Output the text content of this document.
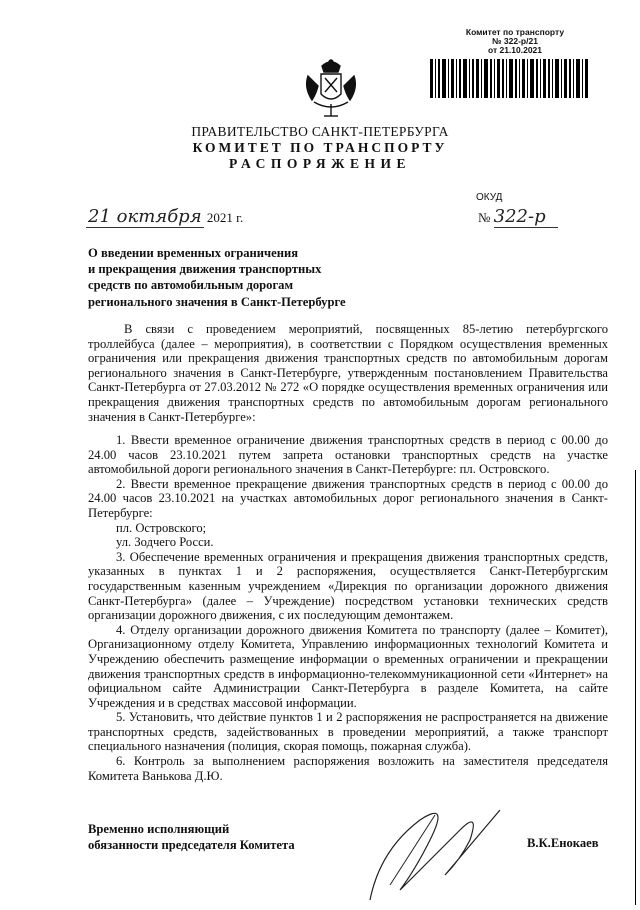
Комитет по транспорту
№ 322-р/21
от 21.10.2021
ПРАВИТЕЛЬСТВО САНКТ-ПЕТЕРБУРГА
КОМИТЕТ ПО ТРАНСПОРТУ
РАСПОРЯЖЕНИЕ
ОКУД
21 октября 2021 г.	№ 322-р
О введении временных ограничения
и прекращения движения транспортных
средств по автомобильным дорогам
регионального значения в Санкт-Петербурге

В связи с проведением мероприятий, посвященных 85-летию петербургского троллейбуса (далее – мероприятия), в соответствии с Порядком осуществления временных ограничения или прекращения движения транспортных средств по автомобильным дорогам регионального значения в Санкт-Петербурге, утвержденным постановлением Правительства Санкт-Петербурга от 27.03.2012 № 272 «О порядке осуществления временных ограничения или прекращения движения транспортных средств по автомобильным дорогам регионального значения в Санкт-Петербурге»:

1. Ввести временное ограничение движения транспортных средств в период с 00.00 до 24.00 часов 23.10.2021 путем запрета остановки транспортных средств на участке автомобильной дороги регионального значения в Санкт-Петербурге: пл. Островского.

2. Ввести временное прекращение движения транспортных средств в период с 00.00 до 24.00 часов 23.10.2021 на участках автомобильных дорог регионального значения в Санкт-Петербурге:

пл. Островского;

ул. Зодчего Росси.

3. Обеспечение временных ограничения и прекращения движения транспортных средств, указанных в пунктах 1 и 2 распоряжения, осуществляется Санкт-Петербургским государственным казенным учреждением «Дирекция по организации дорожного движения Санкт-Петербурга» (далее – Учреждение) посредством установки технических средств организации дорожного движения, с их последующим демонтажем.

4. Отделу организации дорожного движения Комитета по транспорту (далее – Комитет), Организационному отделу Комитета, Управлению информационных технологий Комитета и Учреждению обеспечить размещение информации о временных ограничении и прекращении движения транспортных средств в информационно-телекоммуникационной сети «Интернет» на официальном сайте Администрации Санкт-Петербурга в разделе Комитета, на сайте Учреждения и в средствах массовой информации.

5. Установить, что действие пунктов 1 и 2 распоряжения не распространяется на движение транспортных средств, задействованных в проведении мероприятий, а также транспорт специального назначения (полиция, скорая помощь, пожарная служба).

6. Контроль за выполнением распоряжения возложить на заместителя председателя Комитета Ванькова Д.Ю.

Временно исполняющий
обязанности председателя Комитета	В.К.Енокаев
